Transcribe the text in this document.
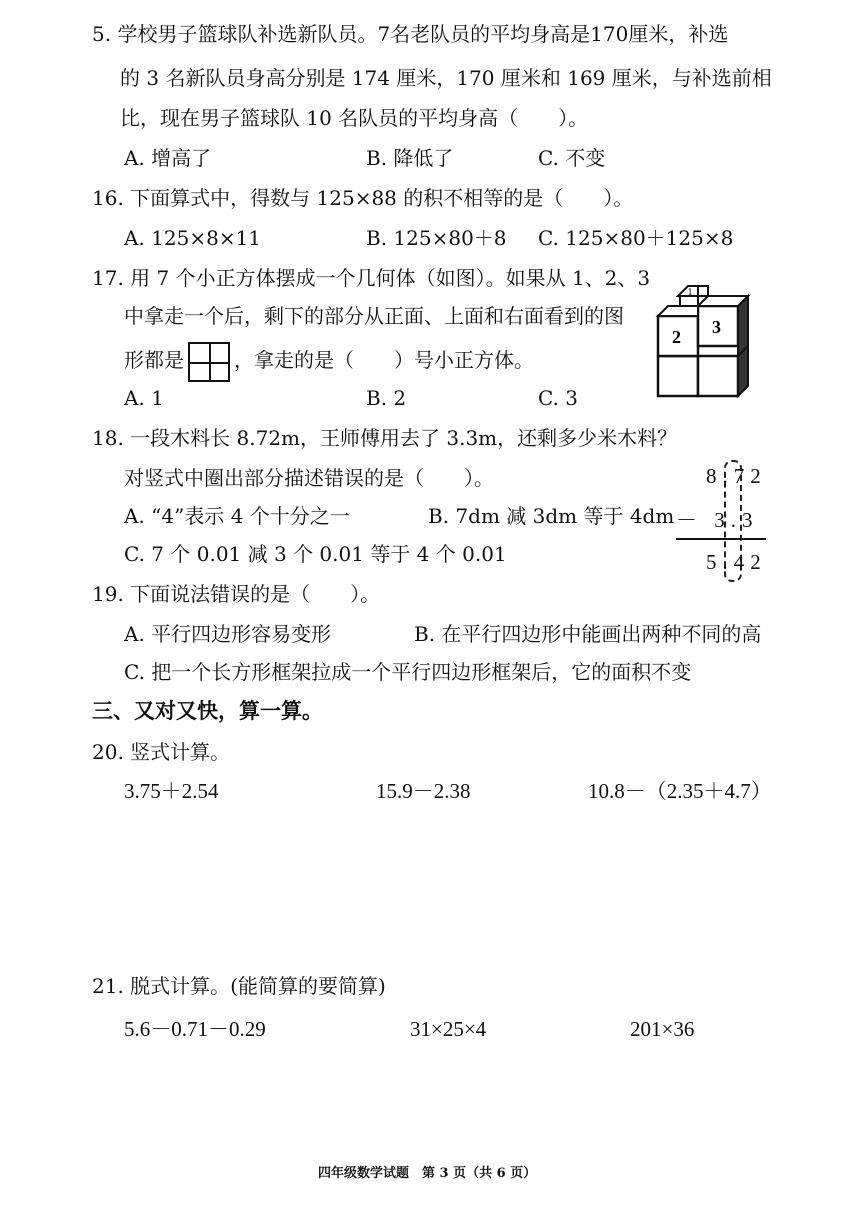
5. 学校男子篮球队补选新队员。7名老队员的平均身高是170厘米，补选
的 3 名新队员身高分别是 174 厘米，170 厘米和 169 厘米，与补选前相
比，现在男子篮球队 10 名队员的平均身高（　　）。
A. 增高了	B. 降低了	C. 不变
16. 下面算式中，得数与 125×88 的积不相等的是（　　）。
A. 125×8×11	B. 125×80＋8 C. 125×80＋125×8
17. 用 7 个小正方体摆成一个几何体（如图）。如果从 1、2、3
中拿走一个后，剩下的部分从正面、上面和右面看到的图
形都是	，拿走的是（　　）号小正方体。
A. 1	B. 2	C. 3
1
2 3
18. 一段木料长 8.72m，王师傅用去了 3.3m，还剩多少米木料？
对竖式中圈出部分描述错误的是（　　）。
A. “4”表示 4 个十分之一	B. 7dm 减 3dm 等于 4dm
C. 7 个 0.01 减 3 个 0.01 等于 4 个 0.01
8.72
－ 3.3
5.42
19. 下面说法错误的是（　　）。
A. 平行四边形容易变形	B. 在平行四边形中能画出两种不同的高
C. 把一个长方形框架拉成一个平行四边形框架后，它的面积不变
三、又对又快，算一算。
20. 竖式计算。
3.75＋2.54	15.9－2.38	10.8－（2.35＋4.7）
21. 脱式计算。(能简算的要简算)
5.6－0.71－0.29	31×25×4	201×36
四年级数学试题　第 3 页（共 6 页）
